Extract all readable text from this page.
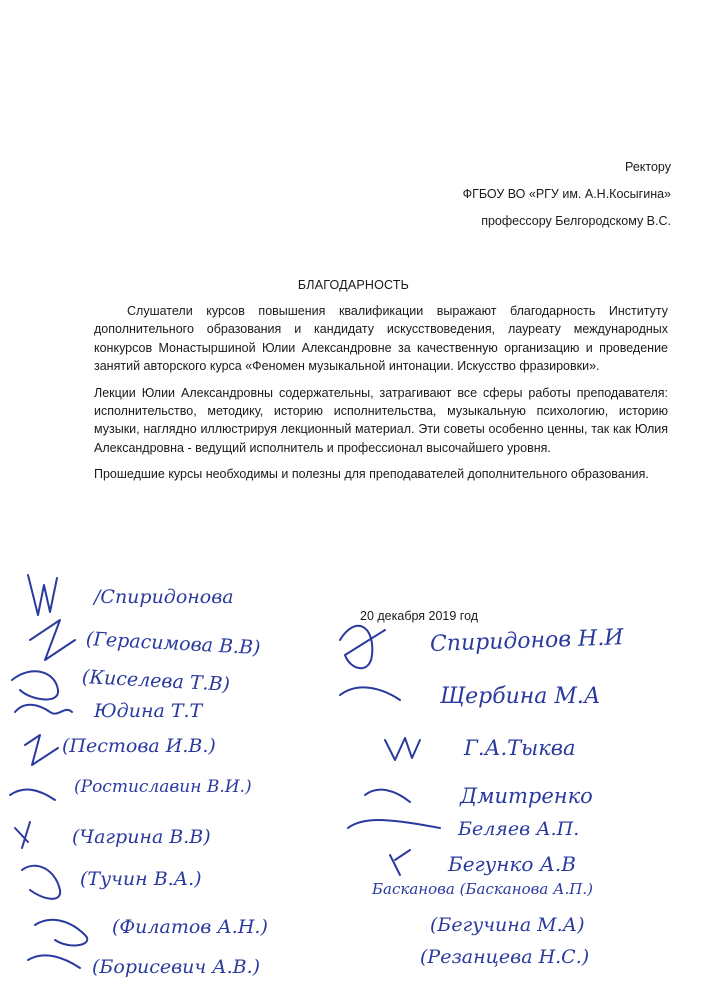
Ректору
ФГБОУ ВО «РГУ им. А.Н.Косыгина»
профессору Белгородскому В.С.
БЛАГОДАРНОСТЬ

Слушатели курсов повышения квалификации выражают благодарность Институту дополнительного образования и кандидату искусствоведения, лауреату международных конкурсов Монастыршиной Юлии Александровне за качественную организацию и проведение занятий авторского курса «Феномен музыкальной интонации. Искусство фразировки».

Лекции Юлии Александровны содержательны, затрагивают все сферы работы преподавателя: исполнительство, методику, историю исполнительства, музыкальную психологию, историю музыки, наглядно иллюстрируя лекционный материал. Эти советы особенно ценны, так как Юлия Александровна - ведущий исполнитель и профессионал высочайшего уровня.

Прошедшие курсы необходимы и полезны для преподавателей дополнительного образования.

20 декабря 2019 год
/Спиридонова
(Герасимова В.В)
(Киселева Т.В)
Юдина Т.Т
(Пестова И.В.)
(Ростиславин В.И.)
(Чагрина В.В)
(Тучин В.А.)
(Филатов А.Н.)
(Борисевич А.В.)
Спиридонов Н.И
Щербина М.А
Г.А.Тыква
Дмитренко
Беляев А.П.
Бегунко А.В
Басканова (Басканова А.П.)
(Бегучина М.А)
(Резанцева Н.С.)
